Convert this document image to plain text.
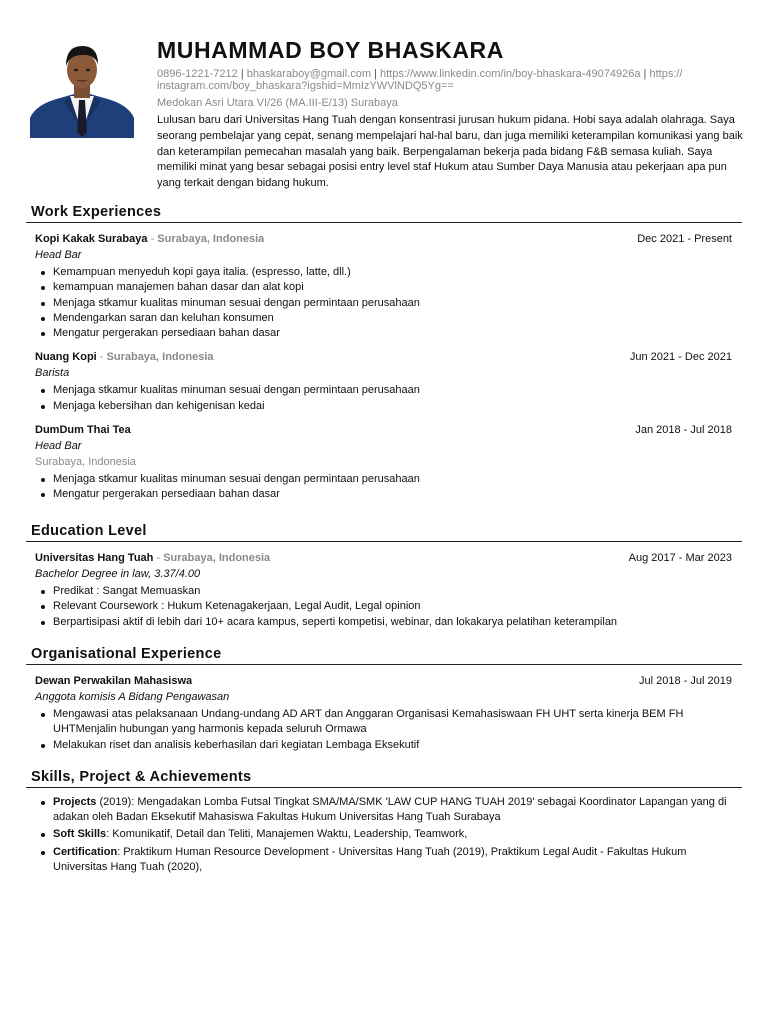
MUHAMMAD BOY BHASKARA
0896-1221-7212 | bhaskaraboy@gmail.com | https://www.linkedin.com/in/boy-bhaskara-49074926a | https://
instagram.com/boy_bhaskara?igshid=MmIzYWVlNDQ5Yg==
Medokan Asri Utara VI/26 (MA.III-E/13) Surabaya
Lulusan baru dari Universitas Hang Tuah dengan konsentrasi jurusan hukum pidana. Hobi saya adalah olahraga. Saya seorang pembelajar yang cepat, senang mempelajari hal-hal baru, dan juga memiliki keterampilan komunikasi yang baik dan keterampilan pemecahan masalah yang baik. Berpengalaman bekerja pada bidang F&B semasa kuliah. Saya memiliki minat yang besar sebagai posisi entry level staf Hukum atau Sumber Daya Manusia atau pekerjaan apa pun yang terkait dengan bidang hukum.
Work Experiences
Kopi Kakak Surabaya - Surabaya, Indonesia	Dec 2021 - Present
Head Bar
Kemampuan menyeduh kopi gaya italia. (espresso, latte, dll.)
kemampuan manajemen bahan dasar dan alat kopi
Menjaga stkamur kualitas minuman sesuai dengan permintaan perusahaan
Mendengarkan saran dan keluhan konsumen
Mengatur pergerakan persediaan bahan dasar
Nuang Kopi - Surabaya, Indonesia	Jun 2021 - Dec 2021
Barista
Menjaga stkamur kualitas minuman sesuai dengan permintaan perusahaan
Menjaga kebersihan dan kehigenisan kedai
DumDum Thai Tea	Jan 2018 - Jul 2018
Head Bar
Surabaya, Indonesia
Menjaga stkamur kualitas minuman sesuai dengan permintaan perusahaan
Mengatur pergerakan persediaan bahan dasar
Education Level
Universitas Hang Tuah - Surabaya, Indonesia	Aug 2017 - Mar 2023
Bachelor Degree in law, 3.37/4.00
Predikat : Sangat Memuaskan
Relevant Coursework : Hukum Ketenagakerjaan, Legal Audit, Legal opinion
Berpartisipasi aktif di lebih dari 10+ acara kampus, seperti kompetisi, webinar, dan lokakarya pelatihan keterampilan
Organisational Experience
Dewan Perwakilan Mahasiswa	Jul 2018 - Jul 2019
Anggota komisis A Bidang Pengawasan
Mengawasi atas pelaksanaan Undang-undang AD ART dan Anggaran Organisasi Kemahasiswaan FH UHT serta kinerja BEM FH UHTMenjalin hubungan yang harmonis kepada seluruh Ormawa
Melakukan riset dan analisis keberhasilan dari kegiatan Lembaga Eksekutif
Skills, Project & Achievements
Projects (2019): Mengadakan Lomba Futsal Tingkat SMA/MA/SMK 'LAW CUP HANG TUAH 2019' sebagai Koordinator Lapangan yang di adakan oleh Badan Eksekutif Mahasiswa Fakultas Hukum Universitas Hang Tuah Surabaya
Soft Skills: Komunikatif, Detail dan Teliti, Manajemen Waktu, Leadership, Teamwork,
Certification: Praktikum Human Resource Development - Universitas Hang Tuah (2019), Praktikum Legal Audit - Fakultas Hukum Universitas Hang Tuah (2020),
